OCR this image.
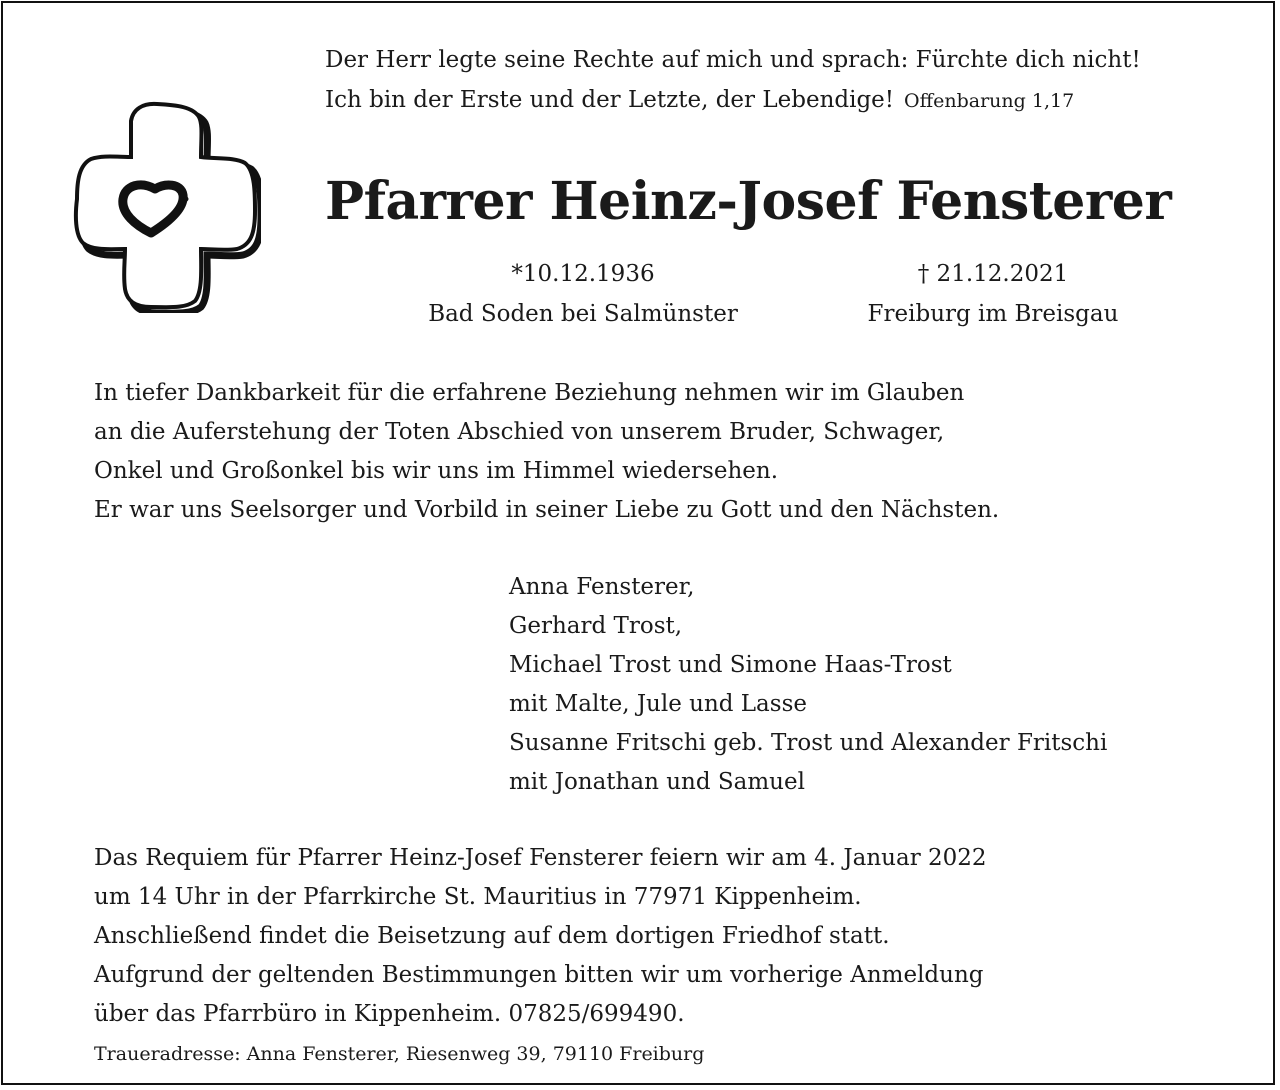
Der Herr legte seine Rechte auf mich und sprach: Fürchte dich nicht!
Ich bin der Erste und der Letzte, der Lebendige! Offenbarung 1,17
Pfarrer Heinz-Josef Fensterer
*10.12.1936
Bad Soden bei Salmünster
† 21.12.2021
Freiburg im Breisgau
In tiefer Dankbarkeit für die erfahrene Beziehung nehmen wir im Glauben
an die Auferstehung der Toten Abschied von unserem Bruder, Schwager,
Onkel und Großonkel bis wir uns im Himmel wiedersehen.
Er war uns Seelsorger und Vorbild in seiner Liebe zu Gott und den Nächsten.
Anna Fensterer,
Gerhard Trost,
Michael Trost und Simone Haas-Trost
mit Malte, Jule und Lasse
Susanne Fritschi geb. Trost und Alexander Fritschi
mit Jonathan und Samuel
Das Requiem für Pfarrer Heinz-Josef Fensterer feiern wir am 4. Januar 2022
um 14 Uhr in der Pfarrkirche St. Mauritius in 77971 Kippenheim.
Anschließend findet die Beisetzung auf dem dortigen Friedhof statt.
Aufgrund der geltenden Bestimmungen bitten wir um vorherige Anmeldung
über das Pfarrbüro in Kippenheim. 07825/699490.
Traueradresse: Anna Fensterer, Riesenweg 39, 79110 Freiburg
